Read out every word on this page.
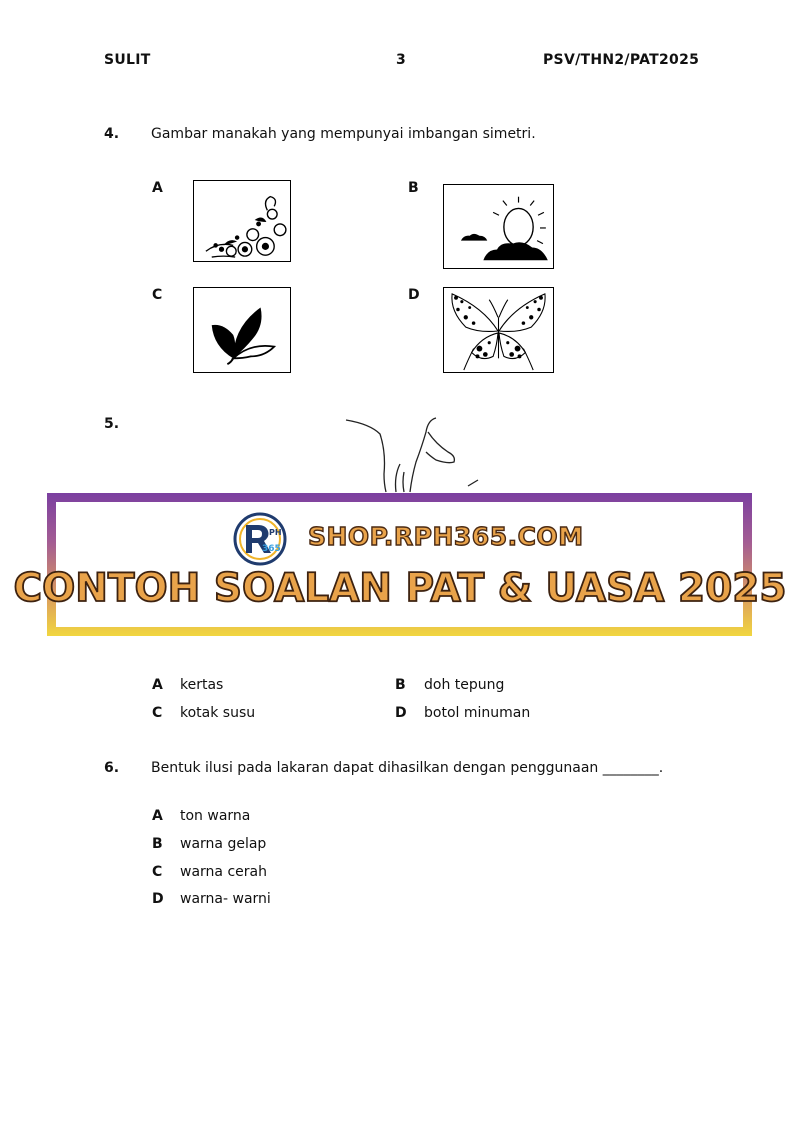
SULIT	3	PSV/THN2/PAT2025
4. Gambar manakah yang mempunyai imbangan simetri.
A	B
C	D
5.
PH
365 SHOP.RPH365.COM
CONTOH SOALAN PAT & UASA 2025
A kertas	B doh tepung
C kotak susu	D botol minuman
6. Bentuk ilusi pada lakaran dapat dihasilkan dengan penggunaan ________.
A ton warna
B warna gelap
C warna cerah
D warna- warni
